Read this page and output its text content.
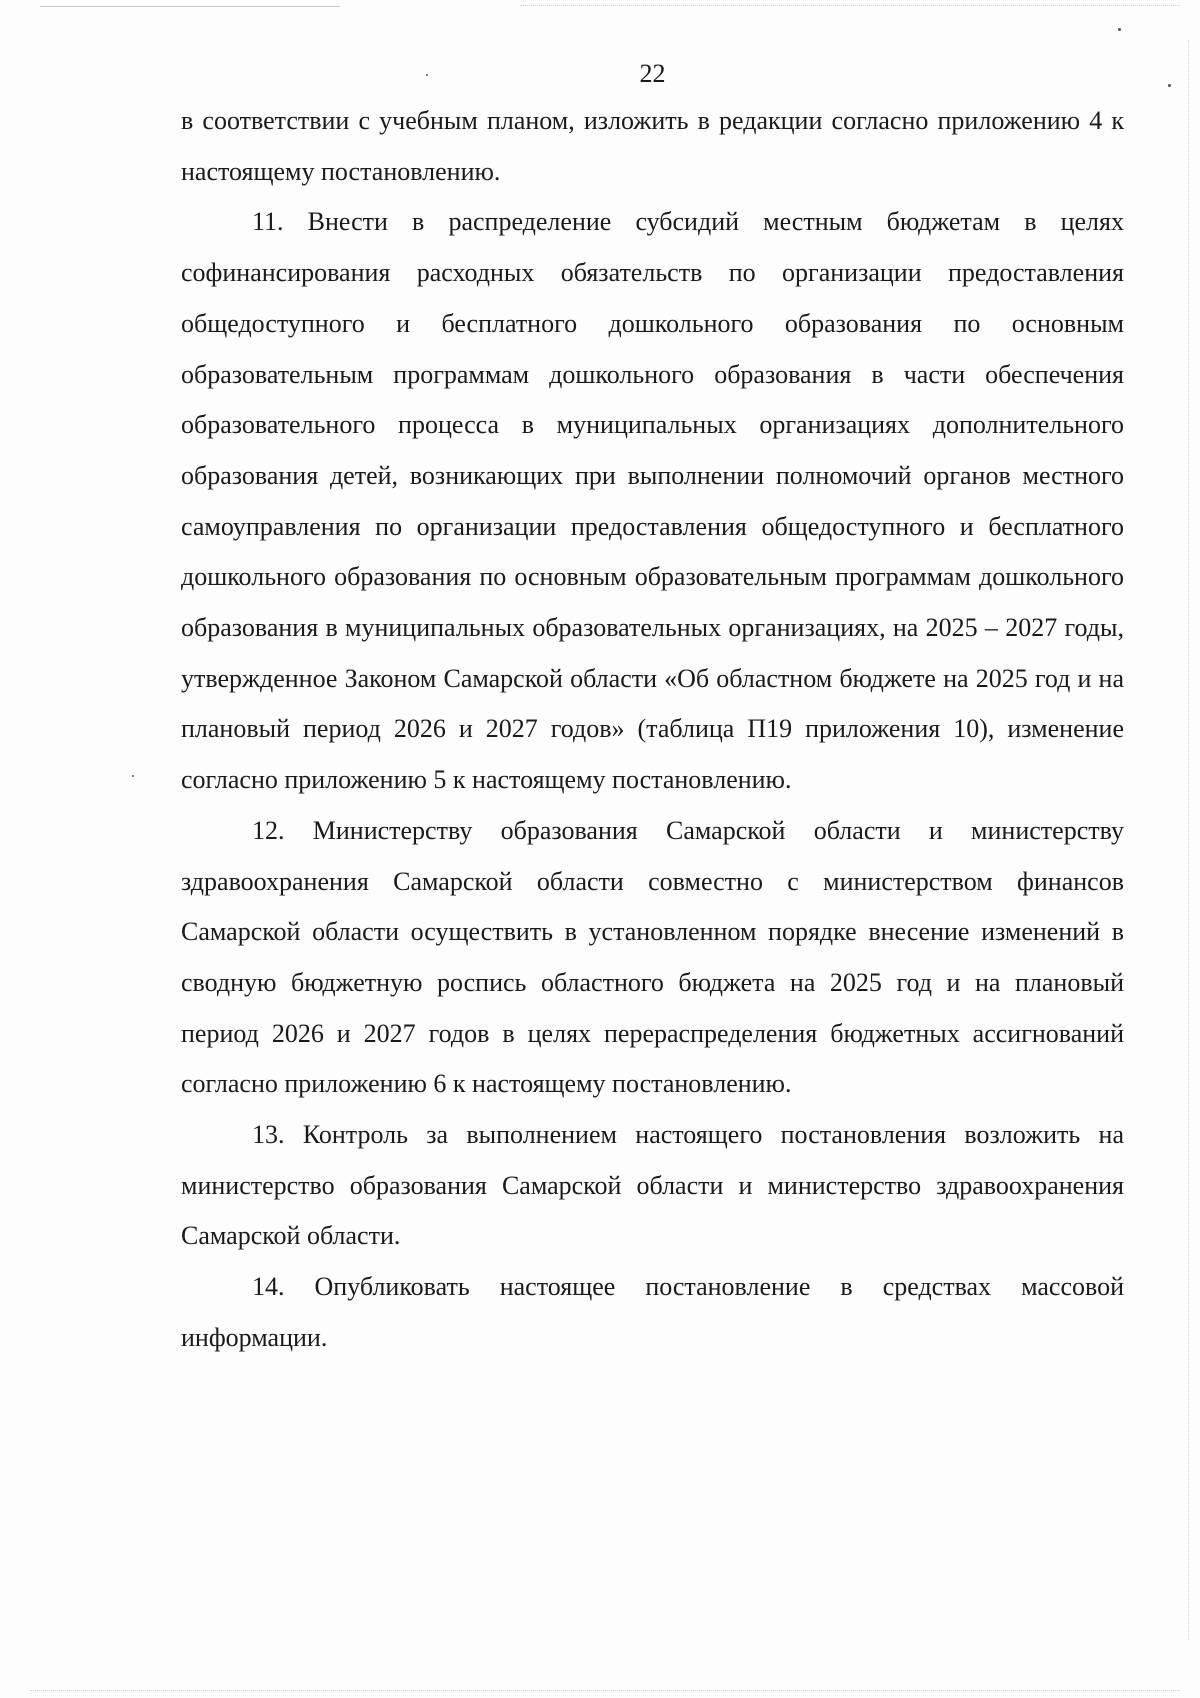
22

в соответствии с учебным планом, изложить в редакции согласно приложению 4 к настоящему постановлению.

11. Внести в распределение субсидий местным бюджетам в целях софинансирования расходных обязательств по организации предоставления общедоступного и бесплатного дошкольного образования по основным образовательным программам дошкольного образования в части обеспечения образовательного процесса в муниципальных организациях дополнительного образования детей, возникающих при выполнении полномочий органов местного самоуправления по организации предоставления общедоступного и бесплатного дошкольного образования по основным образовательным программам дошкольного образования в муниципальных образовательных организациях, на 2025 – 2027 годы, утвержденное Законом Самарской области «Об областном бюджете на 2025 год и на плановый период 2026 и 2027 годов» (таблица П19 приложения 10), изменение согласно приложению 5 к настоящему постановлению.

12. Министерству образования Самарской области и министерству здравоохранения Самарской области совместно с министерством финансов Самарской области осуществить в установленном порядке внесение изменений в сводную бюджетную роспись областного бюджета на 2025 год и на плановый период 2026 и 2027 годов в целях перераспределения бюджетных ассигнований согласно приложению 6 к настоящему постановлению.

13. Контроль за выполнением настоящего постановления возложить на министерство образования Самарской области и министерство здравоохранения Самарской области.

14. Опубликовать настоящее постановление в средствах массовой информации.
